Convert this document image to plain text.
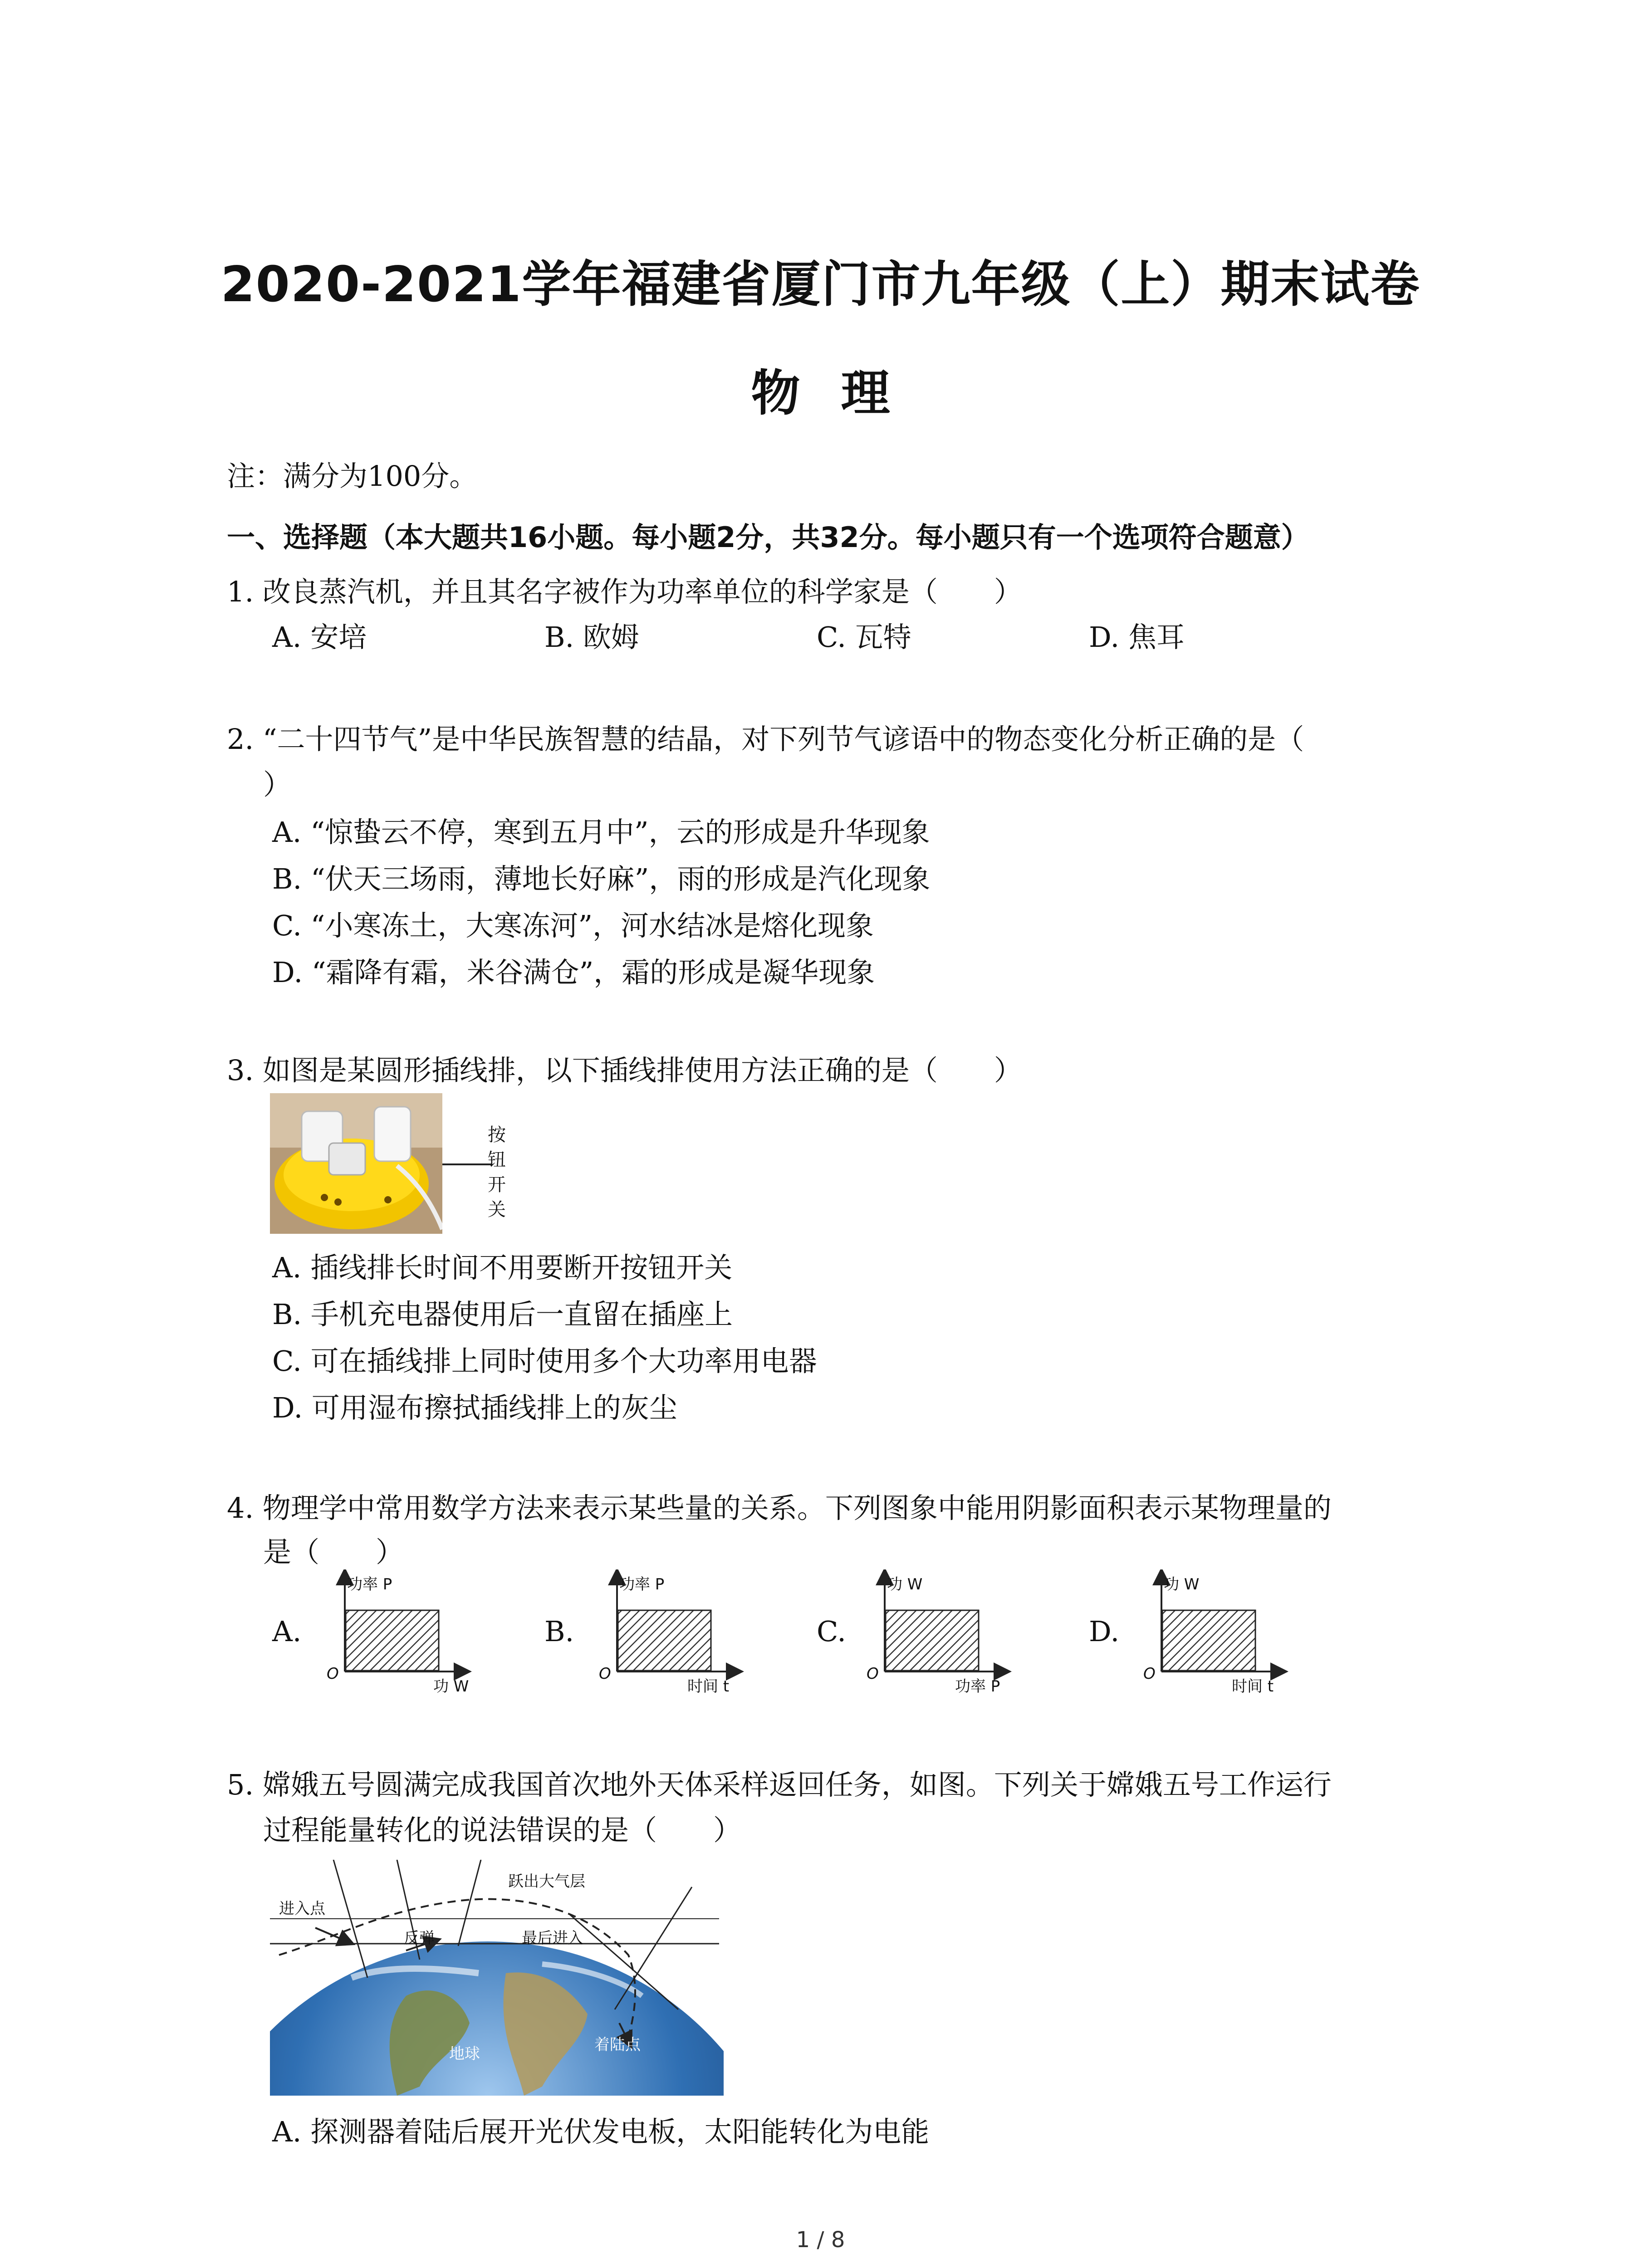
2020-2021学年福建省厦门市九年级（上）期末试卷
物理
注：满分为100分。
一、选择题（本大题共16小题。每小题2分，共32分。每小题只有一个选项符合题意）
1. 改良蒸汽机，并且其名字被作为功率单位的科学家是（　　）
A. 安培	B. 欧姆	C. 瓦特	D. 焦耳
2. “二十四节气”是中华民族智慧的结晶，对下列节气谚语中的物态变化分析正确的是（
）
A. “惊蛰云不停，寒到五月中”，云的形成是升华现象
B. “伏天三场雨，薄地长好麻”，雨的形成是汽化现象
C. “小寒冻土，大寒冻河”，河水结冰是熔化现象
D. “霜降有霜，米谷满仓”，霜的形成是凝华现象
3. 如图是某圆形插线排，以下插线排使用方法正确的是（　　）
按
钮
开
关
A. 插线排长时间不用要断开按钮开关
B. 手机充电器使用后一直留在插座上
C. 可在插线排上同时使用多个大功率用电器
D. 可用湿布擦拭插线排上的灰尘
4. 物理学中常用数学方法来表示某些量的关系。下列图象中能用阴影面积表示某物理量的
是（　　）
A.
功率 P
功 W
O
B.
功率 P
时间 t
O
C.
功 W
功率 P
O
D.
功 W
时间 t
O
5. 嫦娥五号圆满完成我国首次地外天体采样返回任务，如图。下列关于嫦娥五号工作运行
过程能量转化的说法错误的是（　　）
进入点
反弹
跃出大气层
最后进入
地球	着陆点
A. 探测器着陆后展开光伏发电板，太阳能转化为电能
1 / 8
